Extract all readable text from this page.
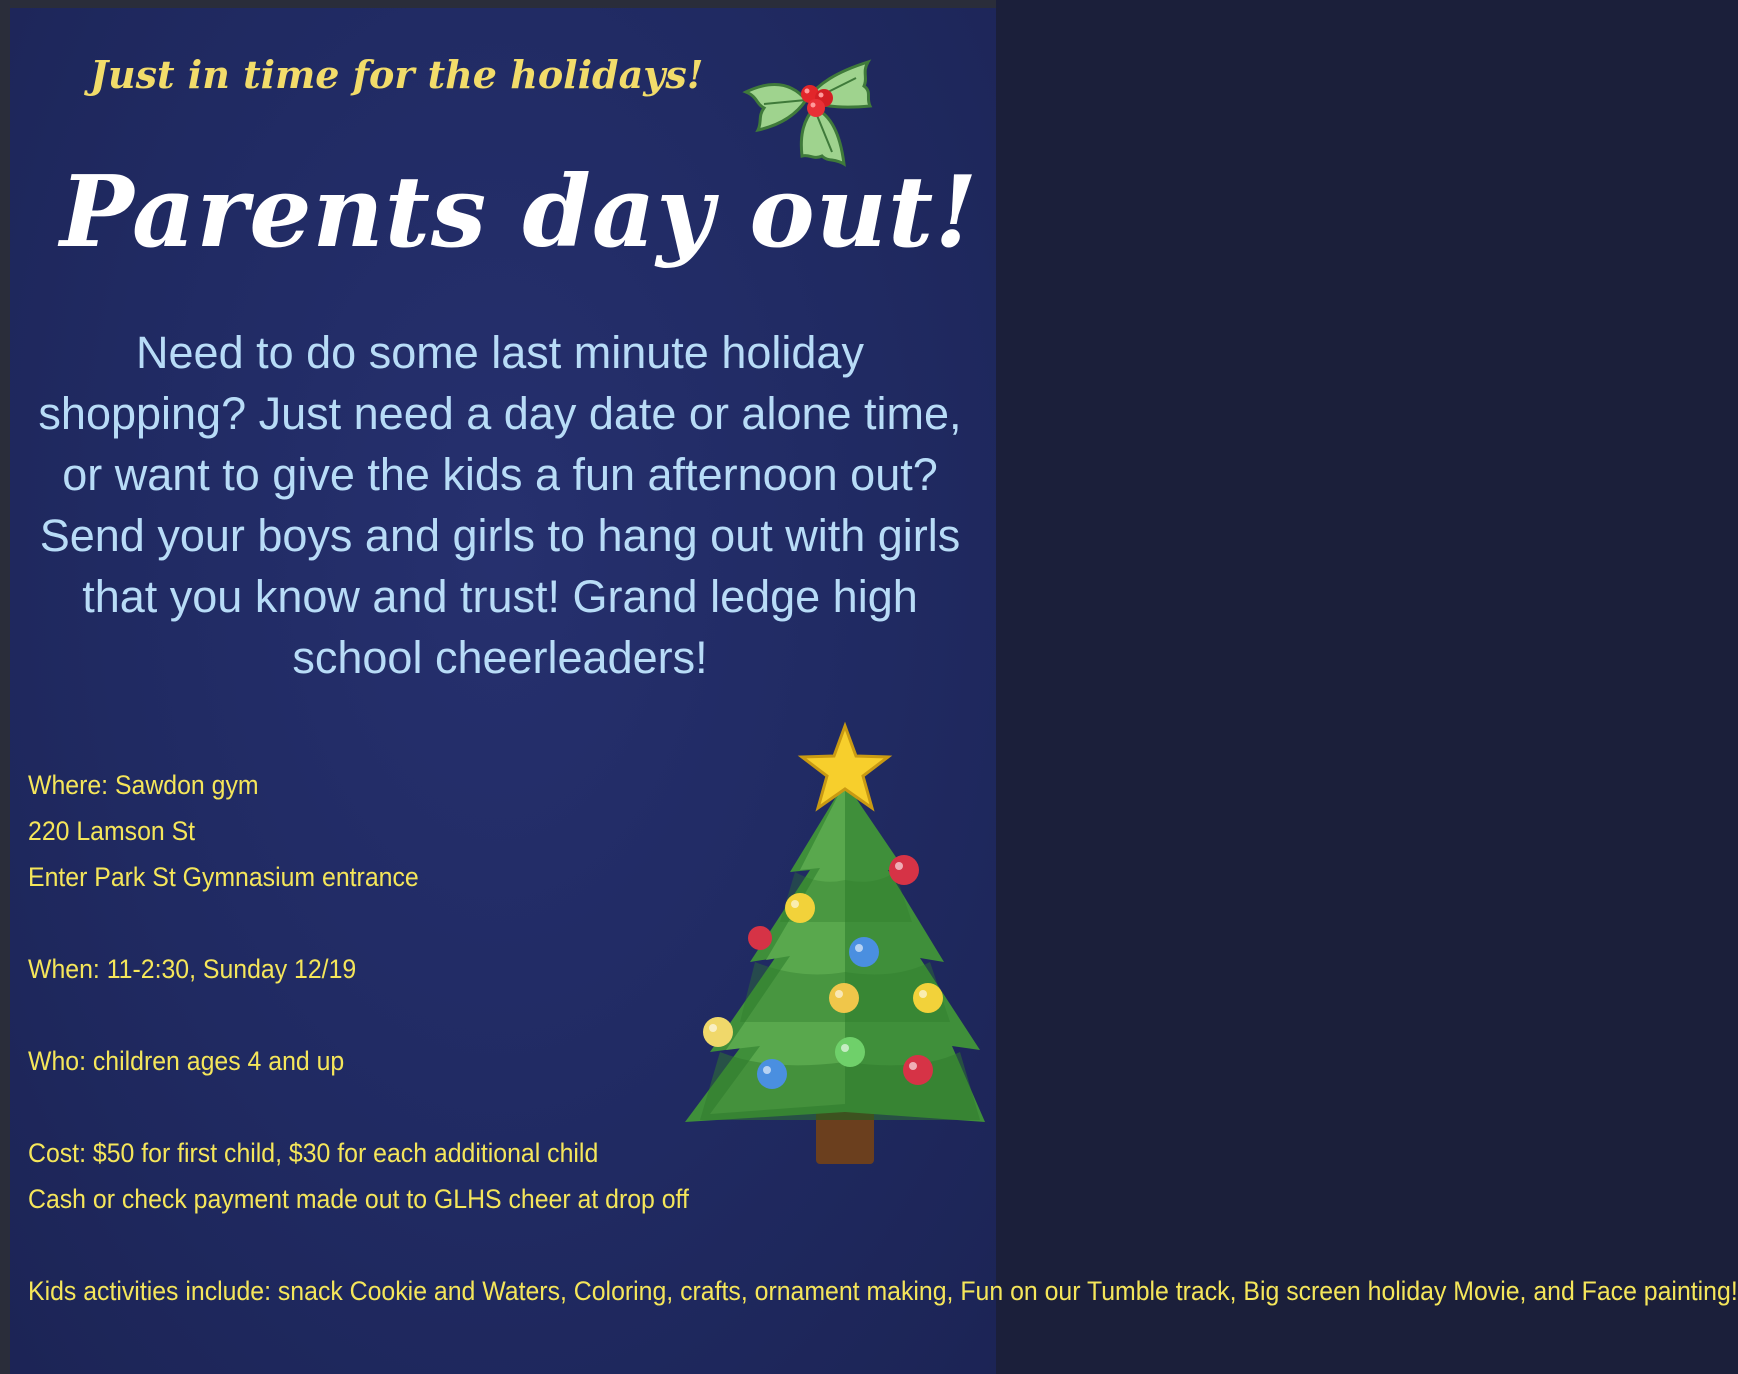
Just in time for the holidays!
Parents day out!
Need to do some last minute holiday shopping? Just need a day date or alone time, or want to give the kids a fun afternoon out? Send your boys and girls to hang out with girls that you know and trust! Grand ledge high school cheerleaders!
Where: Sawdon gym
220 Lamson St
Enter Park St Gymnasium entrance
When: 11-2:30, Sunday 12/19
Who: children ages 4 and up
Cost: $50 for first child, $30 for each additional child
Cash or check payment made out to GLHS cheer at drop off
Kids activities include: snack Cookie and Waters, Coloring, crafts, ornament making, Fun on our Tumble track, Big screen holiday Movie, and Face painting!
